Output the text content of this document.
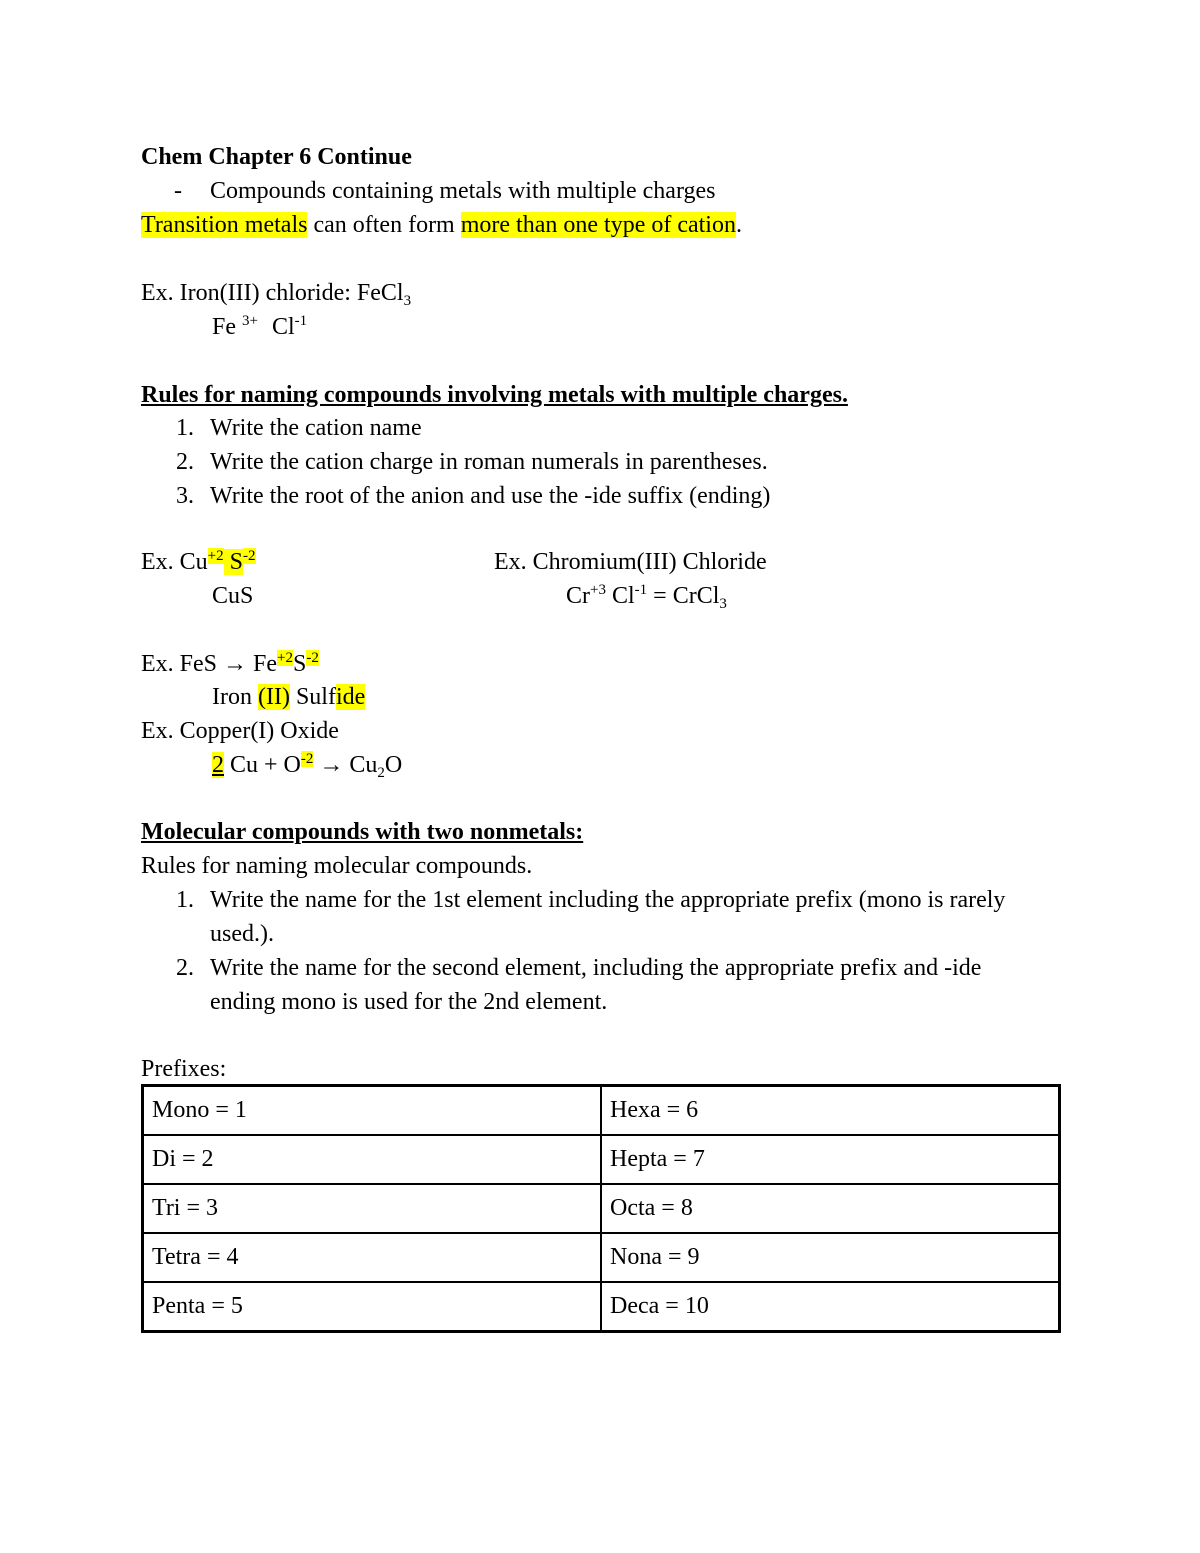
Chem Chapter 6 Continue
- Compounds containing metals with multiple charges
Transition metals can often form more than one type of cation.
Ex. Iron(III) chloride: FeCl$_3$
Fe $^{3+}$ $Cl^{-1}$
Rules for naming compounds involving metals with multiple charges.
1. Write the cation name
2. Write the cation charge in roman numerals in parentheses.
3. Write the root of the anion and use the -ide suffix (ending)
Ex. $Cu^{+2}$ $S^{-2}$
CuS
Ex. Chromium(III) Chloride
$Cr^{+3}$ $Cl^{-1}$ = CrCl$_3$
Ex. FeS → $Fe^{+2}S^{-2}$
Iron (II) Sulfide
Ex. Copper(I) Oxide
2 $Cu + O^{-2} \to Cu_2O$
Molecular compounds with two nonmetals:
Rules for naming molecular compounds.
1. Write the name for the 1st element including the appropriate prefix (mono is rarely
used.).
2. Write the name for the second element, including the appropriate prefix and -ide
ending mono is used for the 2nd element.
Prefixes:
Mono = 1	Hexa = 6
Di = 2	Hepta = 7
Tri = 3	Octa = 8
Tetra = 4	Nona = 9
Penta = 5	Deca = 10
